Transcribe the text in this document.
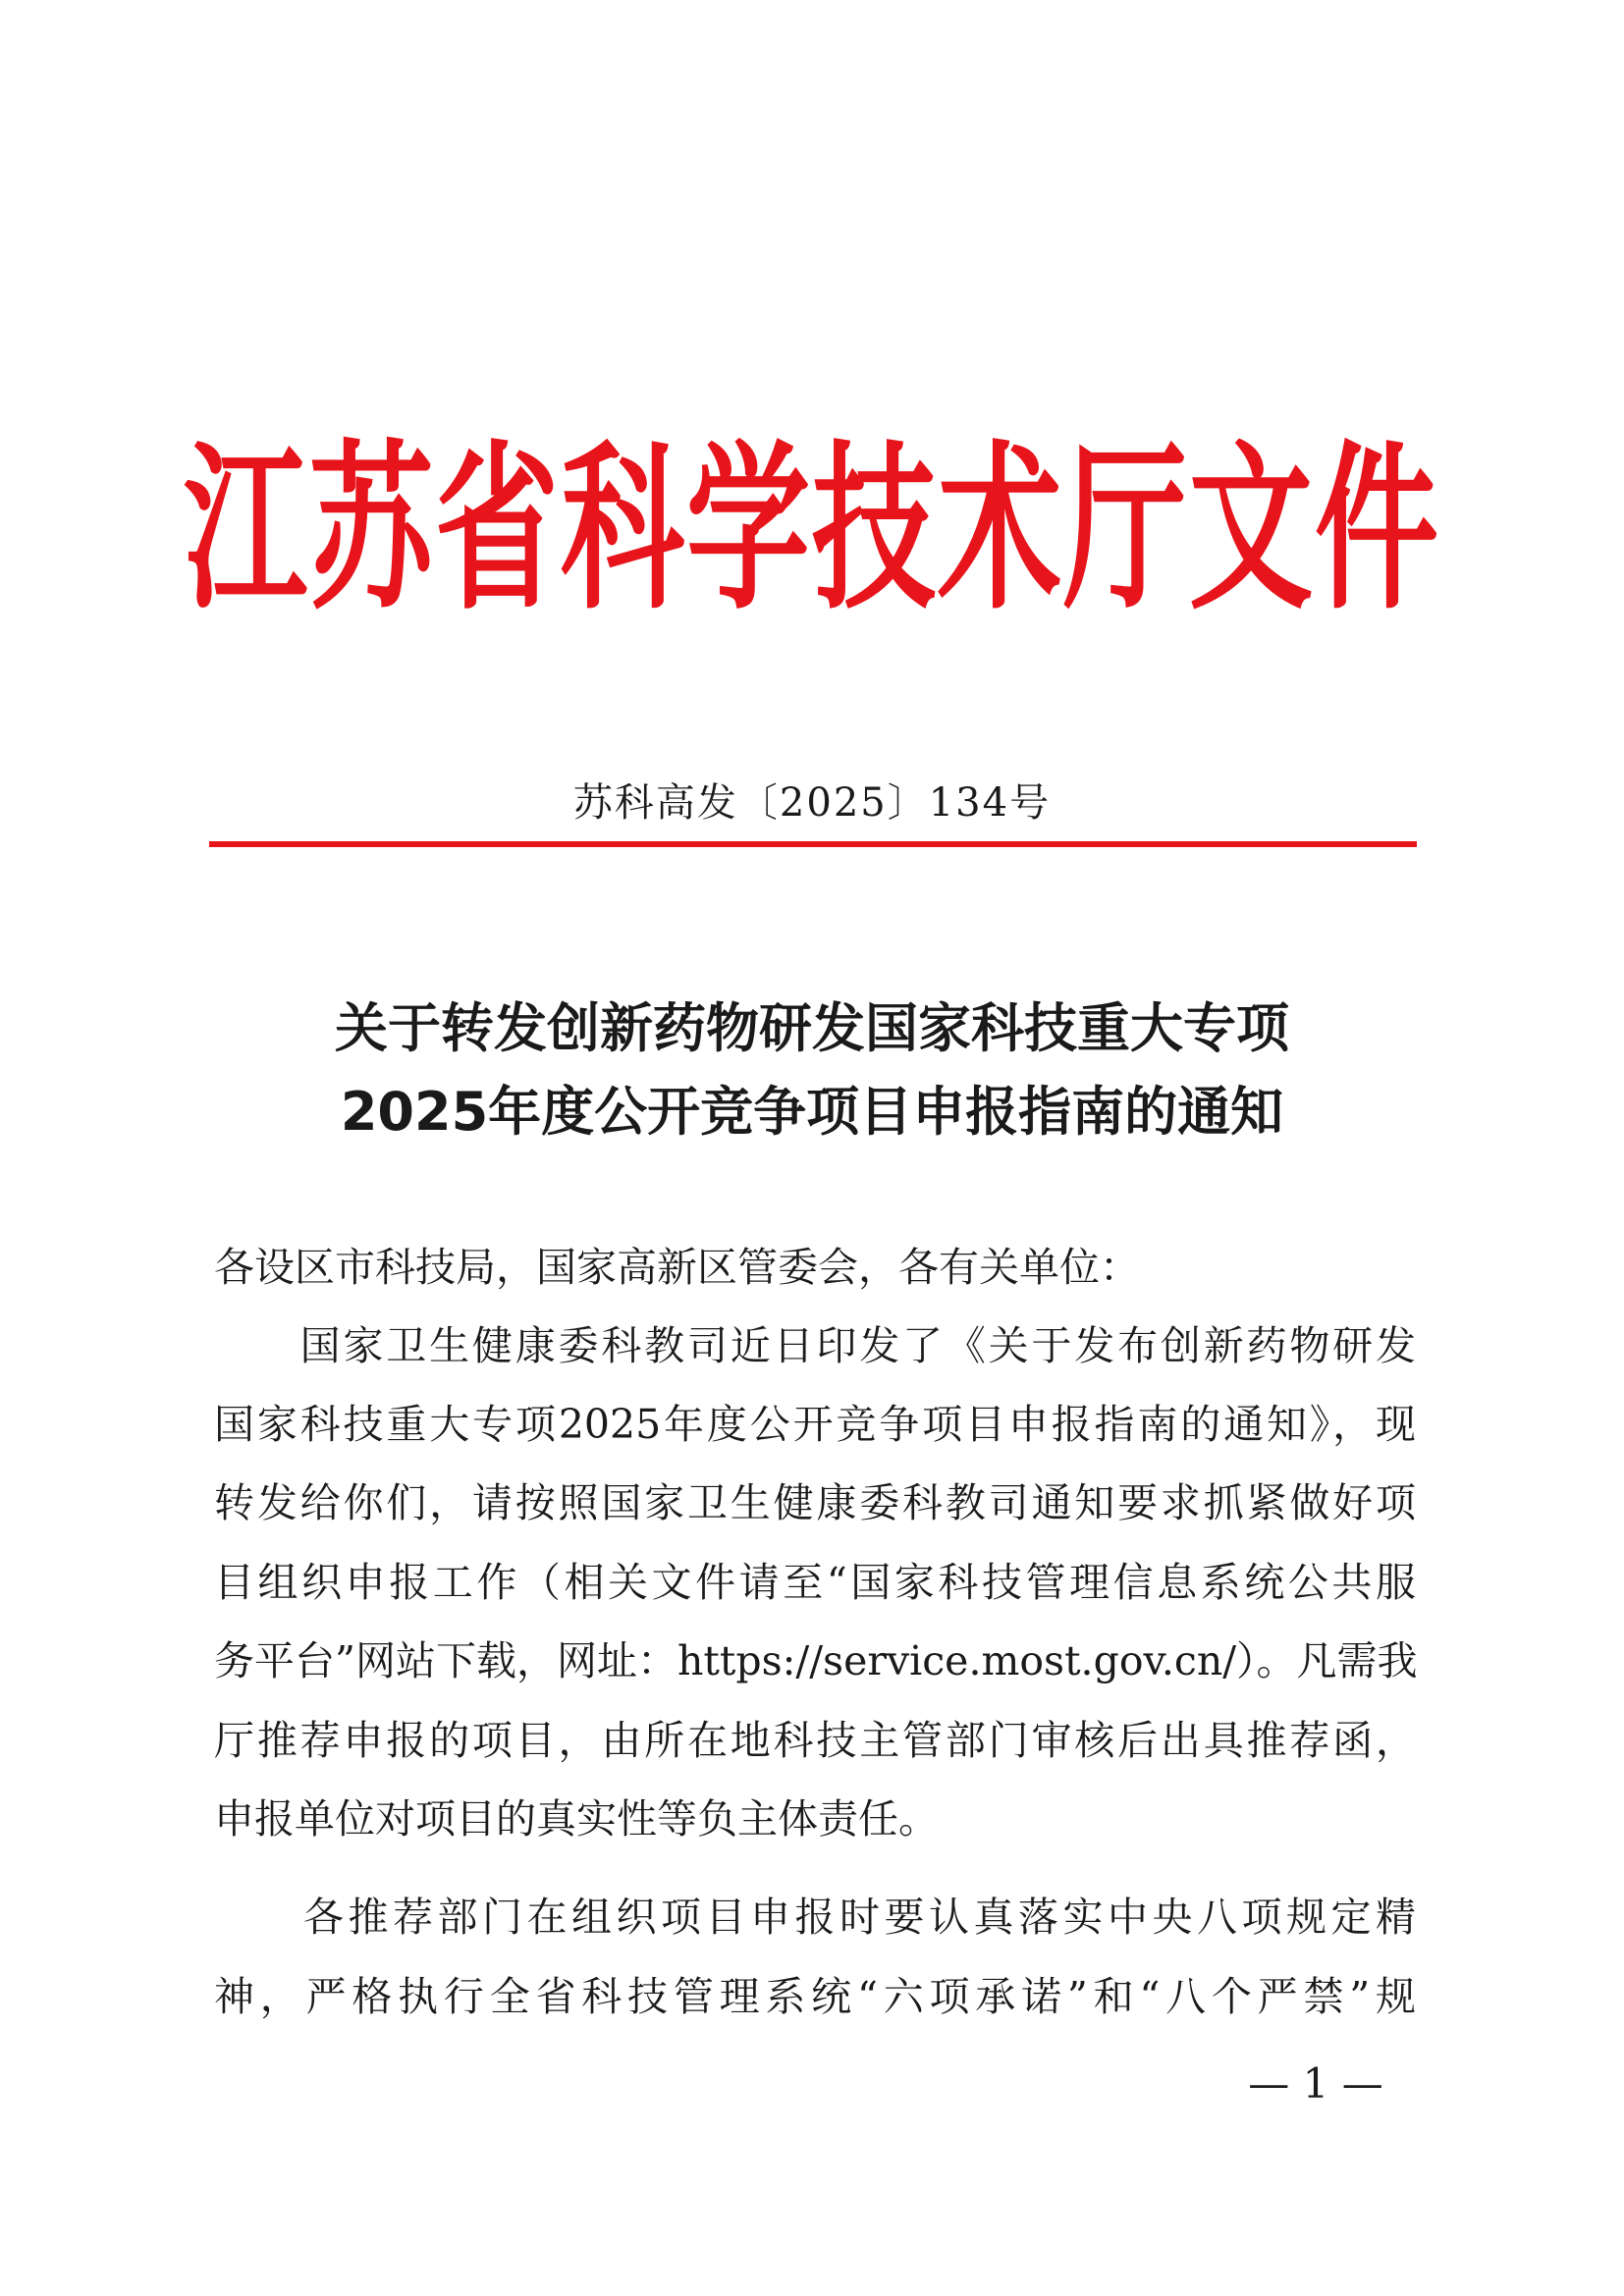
江苏省科学技术厅文件
苏科高发〔2025〕134号
关于转发创新药物研发国家科技重大专项
2025年度公开竞争项目申报指南的通知
各设区市科技局，国家高新区管委会，各有关单位：
　　国家卫生健康委科教司近日印发了《关于发布创新药物研发
国家科技重大专项2025年度公开竞争项目申报指南的通知》，现
转发给你们，请按照国家卫生健康委科教司通知要求抓紧做好项
目组织申报工作（相关文件请至“国家科技管理信息系统公共服
务平台”网站下载，网址：https://service.most.gov.cn/）。凡需我
厅推荐申报的项目，由所在地科技主管部门审核后出具推荐函，
申报单位对项目的真实性等负主体责任。
　　各推荐部门在组织项目申报时要认真落实中央八项规定精
神，严格执行全省科技管理系统“六项承诺”和“八个严禁”规
— 1 —
